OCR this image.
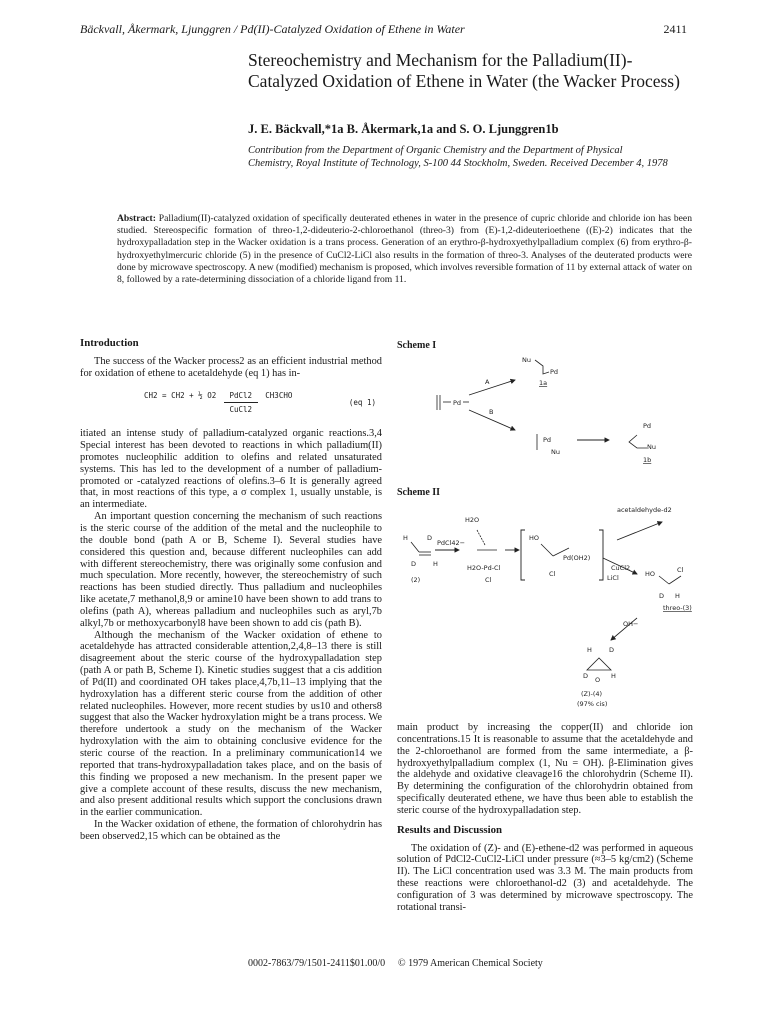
Bäckvall, Åkermark, Ljunggren / Pd(II)-Catalyzed Oxidation of Ethene in Water	2411
Stereochemistry and Mechanism for the Palladium(II)-Catalyzed Oxidation of Ethene in Water (the Wacker Process)
J. E. Bäckvall,*1a B. Åkermark,1a and S. O. Ljunggren1b
Contribution from the Department of Organic Chemistry and the Department of Physical Chemistry, Royal Institute of Technology, S-100 44 Stockholm, Sweden. Received December 4, 1978
Abstract: Palladium(II)-catalyzed oxidation of specifically deuterated ethenes in water in the presence of cupric chloride and chloride ion has been studied. Stereospecific formation of threo-1,2-dideuterio-2-chloroethanol (threo-3) from (E)-1,2-dideuterioethene ((E)-2) indicates that the hydroxypalladation step in the Wacker oxidation is a trans process. Generation of an erythro-β-hydroxyethylpalladium complex (6) from erythro-β-hydroxyethylmercuric chloride (5) in the presence of CuCl2-LiCl also results in the formation of threo-3. Analyses of the deuterated products were done by microwave spectroscopy. A new (modified) mechanism is proposed, which involves reversible formation of 11 by external attack of water on 8, followed by a rate-determining dissociation of a chloride ligand from 11.
Introduction

The success of the Wacker process2 as an efficient industrial method for oxidation of ethene to acetaldehyde (eq 1) has in-

CH2 = CH2 + ½ $O2 \frac{\text{PdCl2}}{\text{CuCl2}} CH3CHO$
(eq 1)

itiated an intense study of palladium-catalyzed organic reactions.3,4 Special interest has been devoted to reactions in which palladium(II) promotes nucleophilic addition to olefins and related unsaturated systems. This has led to the development of a number of palladium-promoted or -catalyzed reactions of olefins.3–6 It is generally agreed that, in most reactions of this type, a σ complex 1, usually unstable, is an intermediate.

An important question concerning the mechanism of such reactions is the steric course of the addition of the metal and the nucleophile to the double bond (path A or B, Scheme I). Several studies have considered this question and, because different nucleophiles can add with different stereochemistry, there was originally some confusion and much speculation. More recently, however, the stereochemistry of such reactions has been studied directly. Thus palladium and nucleophiles like acetate,7 methanol,8,9 or amine10 have been shown to add trans to olefins (path A), whereas palladium and nucleophiles such as aryl,7b alkyl,7b or methoxycarbonyl8 have been shown to add cis (path B).

Although the mechanism of the Wacker oxidation of ethene to acetaldehyde has attracted considerable attention,2,4,8–13 there is still disagreement about the steric course of the hydroxypalladation step (path A or path B, Scheme I). Kinetic studies suggest that a cis addition of Pd(II) and coordinated OH takes place,4,7b,11–13 implying that the hydroxylation has a different steric course from the addition of other related nucleophiles. However, more recent studies by us10 and others8 suggest that also the Wacker hydroxylation might be a trans process. We therefore undertook a study on the mechanism of the Wacker hydroxylation with the aim to obtaining conclusive evidence for the steric course of the reaction. In a preliminary communication14 we reported that trans-hydroxypalladation takes place, and on the basis of this finding we proposed a new mechanism. In the present paper we give a complete account of these results, discuss the new mechanism, and also present additional results which support the conclusions drawn in the earlier communication.

In the Wacker oxidation of ethene, the formation of chlorohydrin has been observed2,15 which can be obtained as the

Scheme I
Pd
A
B
Nu
Pd
1a
Pd
Nu
Pd
Nu
1b
Scheme II
acetaldehyde-d2
H	D
D	H
(2)
PdCl42−
H2O
H2O-Pd-Cl
Cl
HO
Pd(OH2)
Cl
CuCl2
LiCl	HO	Cl
D H
threo-(3)
OH−
H	D
O
D	H
(Z)-(4)
(97% cis)

main product by increasing the copper(II) and chloride ion concentrations.15 It is reasonable to assume that the acetaldehyde and the 2-chloroethanol are formed from the same intermediate, a β-hydroxyethylpalladium complex (1, Nu = OH). β-Elimination gives the aldehyde and oxidative cleavage16 the chlorohydrin (Scheme II). By determining the configuration of the chlorohydrin obtained from specifically deuterated ethene, we have thus been able to establish the steric course of the hydroxypalladation step.

Results and Discussion

The oxidation of (Z)- and (E)-ethene-d2 was performed in aqueous solution of PdCl2-CuCl2-LiCl under pressure (≈3–5 kg/cm2) (Scheme II). The LiCl concentration used was 3.3 M. The main products from these reactions were chloroethanol-d2 (3) and acetaldehyde. The configuration of 3 was determined by microwave spectroscopy. The rotational transi-

0002-7863/79/1501-2411$01.00/0 © 1979 American Chemical Society
